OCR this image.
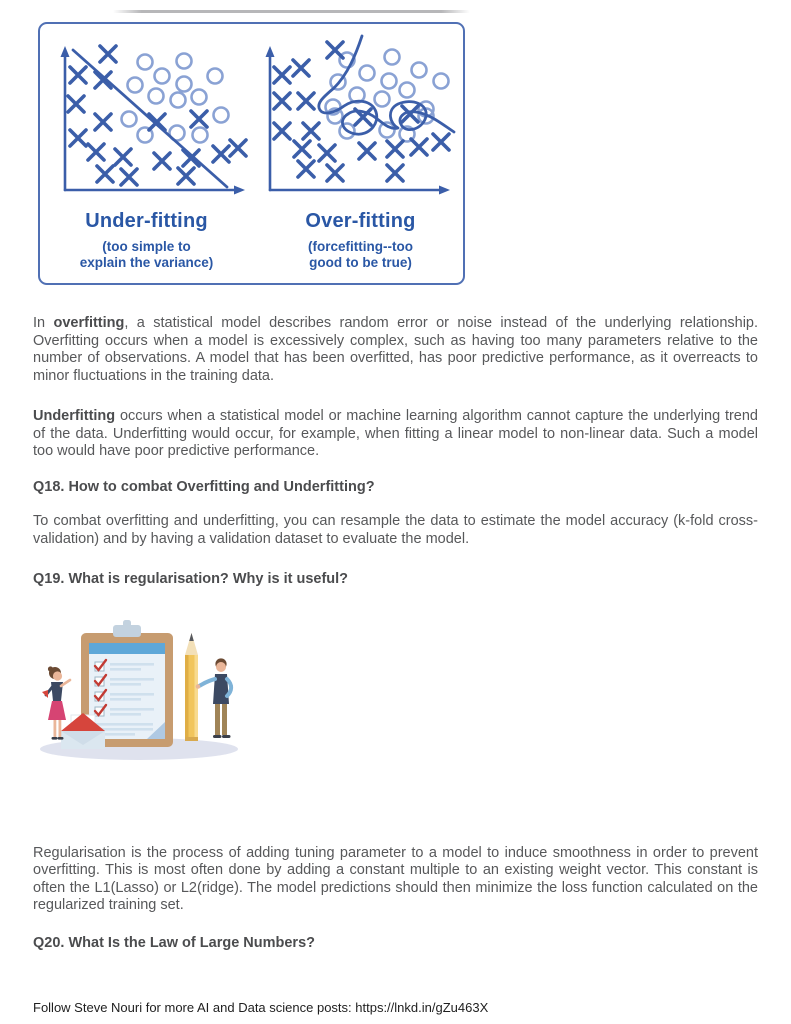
Under-fitting
(too simple to
explain the variance)
Over-fitting
(forcefitting--too
good to be true)

In overfitting, a statistical model describes random error or noise instead of the underlying relationship. Overfitting occurs when a model is excessively complex, such as having too many parameters relative to the number of observations. A model that has been overfitted, has poor predictive performance, as it overreacts to minor fluctuations in the training data.

Underfitting occurs when a statistical model or machine learning algorithm cannot capture the underlying trend of the data. Underfitting would occur, for example, when fitting a linear model to non-linear data. Such a model too would have poor predictive performance.

Q18. How to combat Overfitting and Underfitting?

To combat overfitting and underfitting, you can resample the data to estimate the model accuracy (k-fold cross-validation) and by having a validation dataset to evaluate the model.

Q19. What is regularisation? Why is it useful?

Regularisation is the process of adding tuning parameter to a model to induce smoothness in order to prevent overfitting. This is most often done by adding a constant multiple to an existing weight vector. This constant is often the L1(Lasso) or L2(ridge). The model predictions should then minimize the loss function calculated on the regularized training set.

Q20. What Is the Law of Large Numbers?
Follow Steve Nouri for more AI and Data science posts: https://lnkd.in/gZu463X
